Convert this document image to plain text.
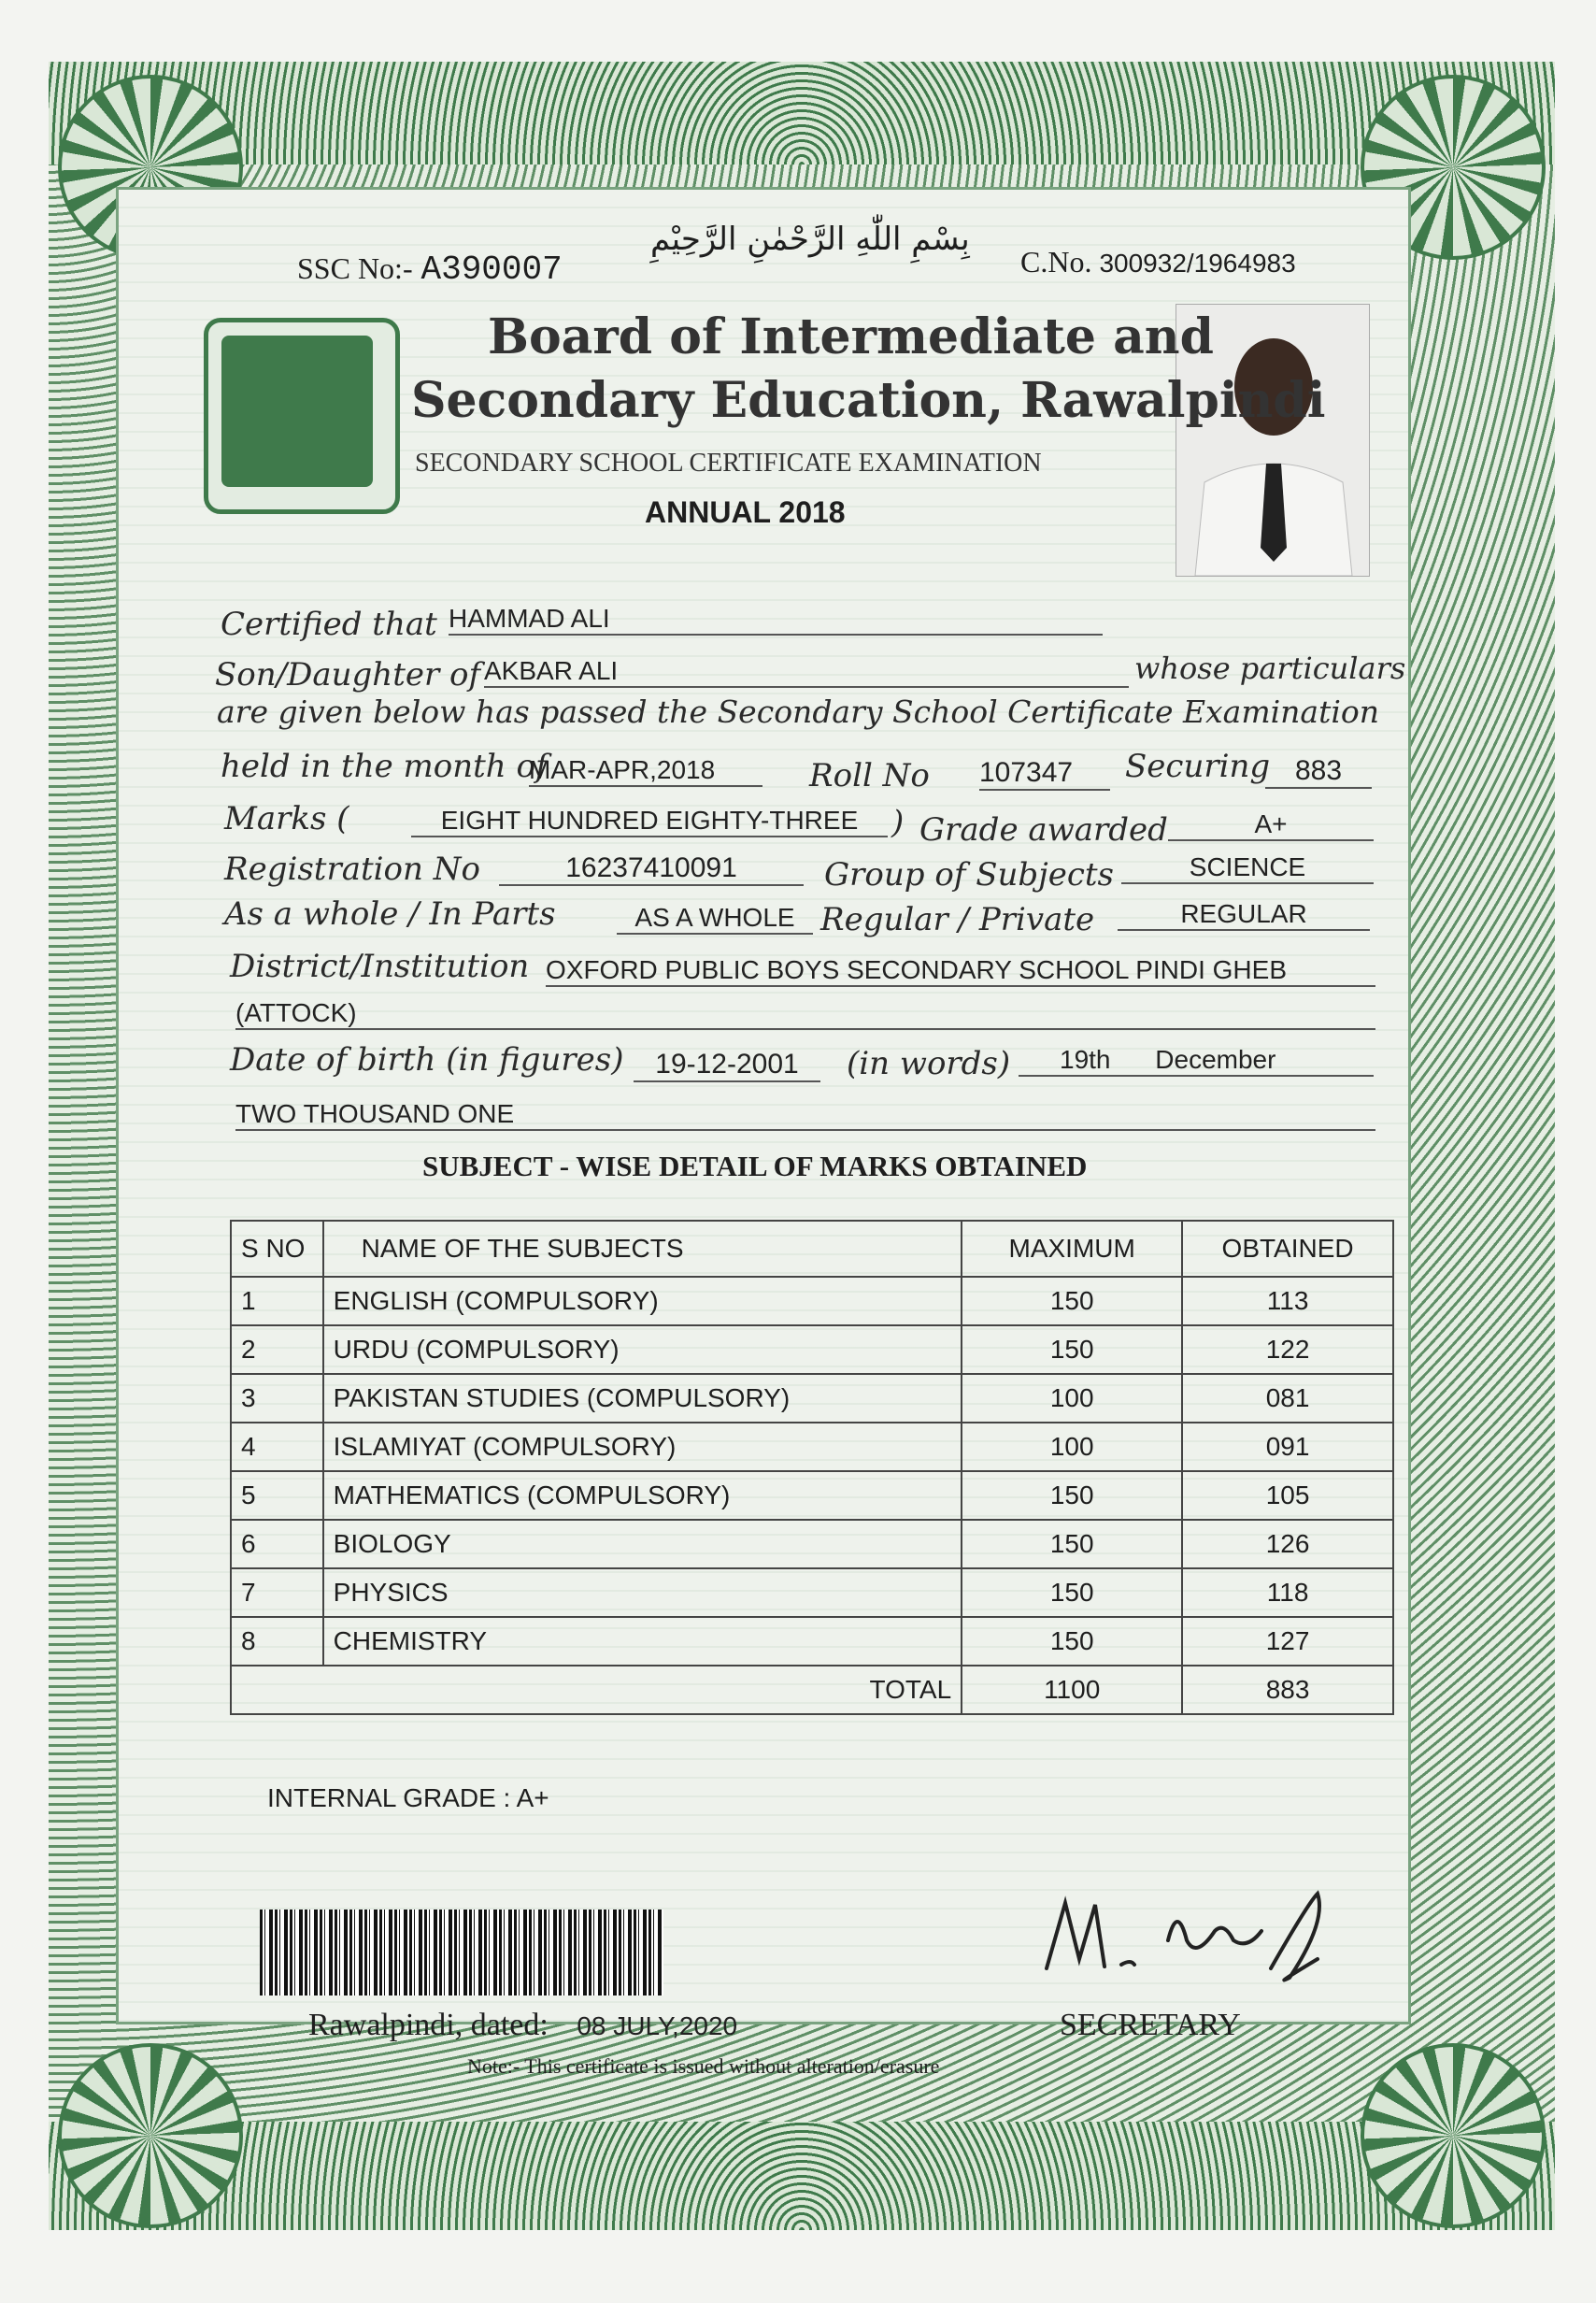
SSC No:- A390007
بِسْمِ اللّٰهِ الرَّحْمٰنِ الرَّحِيْمِ
C.No. 300932/1964983
Board of Intermediate and
Secondary Education, Rawalpindi
SECONDARY SCHOOL CERTIFICATE EXAMINATION
ANNUAL 2018
Certified that HAMMAD ALI
Son/Daughter of AKBAR ALI	whose particulars
are given below has passed the Secondary School Certificate Examination
held in the month of
MAR-APR,2018	Roll No 107347	Securing 883
Marks (	EIGHT HUNDRED EIGHTY-THREE	) Grade awarded	A+
Registration No	16237410091	Group of Subjects	SCIENCE
As a whole / In Parts	AS A WHOLE Regular / Private	REGULAR
District/Institution OXFORD PUBLIC BOYS SECONDARY SCHOOL PINDI GHEB
(ATTOCK)
Date of birth (in figures)	19-12-2001	(in words)	19th December
TWO THOUSAND ONE
SUBJECT - WISE DETAIL OF MARKS OBTAINED
S NO	NAME OF THE SUBJECTS	MAXIMUM	OBTAINED
1	ENGLISH (COMPULSORY)	150	113
2	URDU (COMPULSORY)	150	122
3	PAKISTAN STUDIES (COMPULSORY)	100	081
4	ISLAMIYAT (COMPULSORY)	100	091
5	MATHEMATICS (COMPULSORY)	150	105
6	BIOLOGY	150	126
7	PHYSICS	150	118
8	CHEMISTRY	150	127
	TOTAL	1100	883
INTERNAL GRADE : A+
Rawalpindi, dated: 08 JULY,2020	SECRETARY
Note:- This certificate is issued without alteration/erasure
